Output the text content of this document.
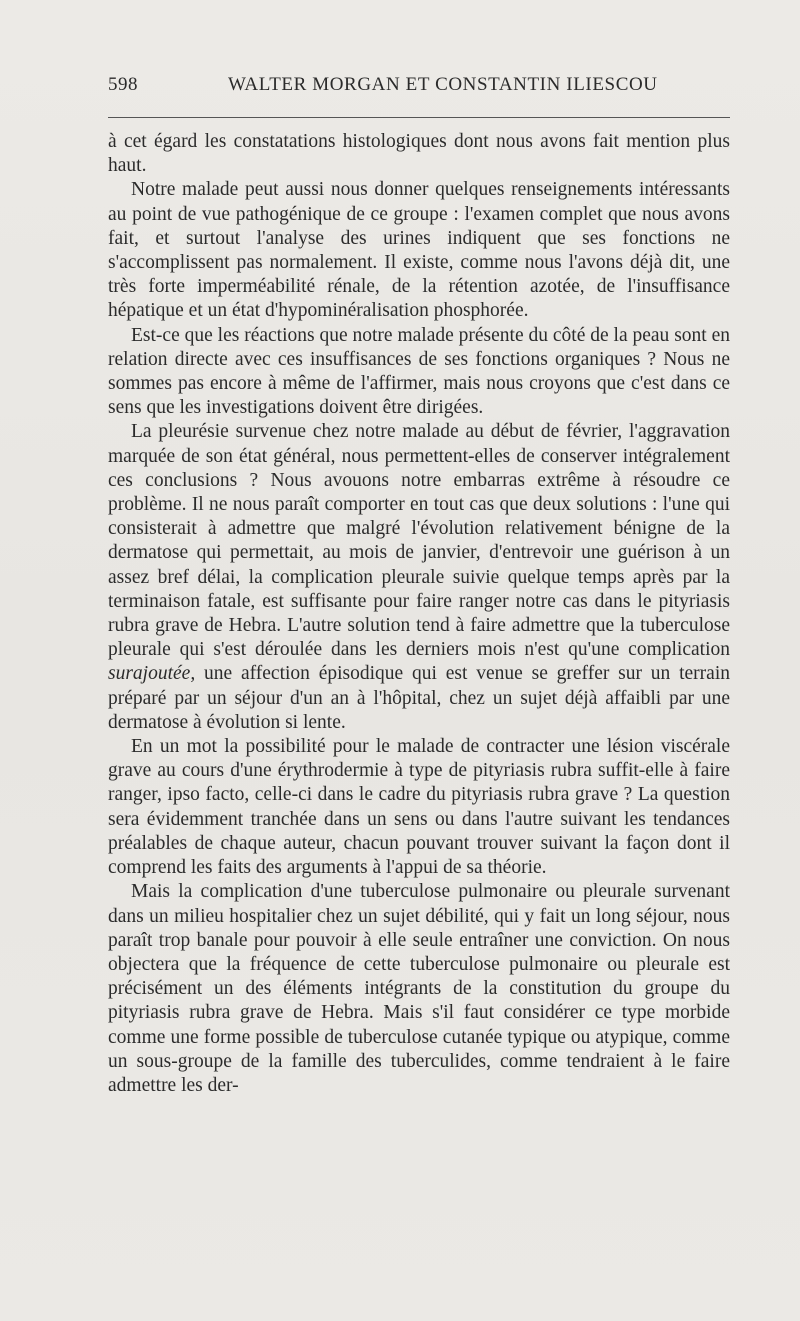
598	WALTER MORGAN ET CONSTANTIN ILIESCOU

à cet égard les constatations histologiques dont nous avons fait mention plus haut.

Notre malade peut aussi nous donner quelques renseignements intéressants au point de vue pathogénique de ce groupe : l'examen complet que nous avons fait, et surtout l'analyse des urines indiquent que ses fonctions ne s'accomplissent pas normalement. Il existe, comme nous l'avons déjà dit, une très forte imperméabilité rénale, de la rétention azotée, de l'insuffisance hépatique et un état d'hypominéralisation phosphorée.

Est-ce que les réactions que notre malade présente du côté de la peau sont en relation directe avec ces insuffisances de ses fonctions organiques ? Nous ne sommes pas encore à même de l'affirmer, mais nous croyons que c'est dans ce sens que les investigations doivent être dirigées.

La pleurésie survenue chez notre malade au début de février, l'aggravation marquée de son état général, nous permettent-elles de conserver intégralement ces conclusions ? Nous avouons notre embarras extrême à résoudre ce problème. Il ne nous paraît comporter en tout cas que deux solutions : l'une qui consisterait à admettre que malgré l'évolution relativement bénigne de la dermatose qui permettait, au mois de janvier, d'entrevoir une guérison à un assez bref délai, la complication pleurale suivie quelque temps après par la terminaison fatale, est suffisante pour faire ranger notre cas dans le pityriasis rubra grave de Hebra. L'autre solution tend à faire admettre que la tuberculose pleurale qui s'est déroulée dans les derniers mois n'est qu'une complication surajoutée, une affection épisodique qui est venue se greffer sur un terrain préparé par un séjour d'un an à l'hôpital, chez un sujet déjà affaibli par une dermatose à évolution si lente.

En un mot la possibilité pour le malade de contracter une lésion viscérale grave au cours d'une érythrodermie à type de pityriasis rubra suffit-elle à faire ranger, ipso facto, celle-ci dans le cadre du pityriasis rubra grave ? La question sera évidemment tranchée dans un sens ou dans l'autre suivant les tendances préalables de chaque auteur, chacun pouvant trouver suivant la façon dont il comprend les faits des arguments à l'appui de sa théorie.

Mais la complication d'une tuberculose pulmonaire ou pleurale survenant dans un milieu hospitalier chez un sujet débilité, qui y fait un long séjour, nous paraît trop banale pour pouvoir à elle seule entraîner une conviction. On nous objectera que la fréquence de cette tuberculose pulmonaire ou pleurale est précisément un des éléments intégrants de la constitution du groupe du pityriasis rubra grave de Hebra. Mais s'il faut considérer ce type morbide comme une forme possible de tuberculose cutanée typique ou atypique, comme un sous-groupe de la famille des tuberculides, comme tendraient à le faire admettre les der-
